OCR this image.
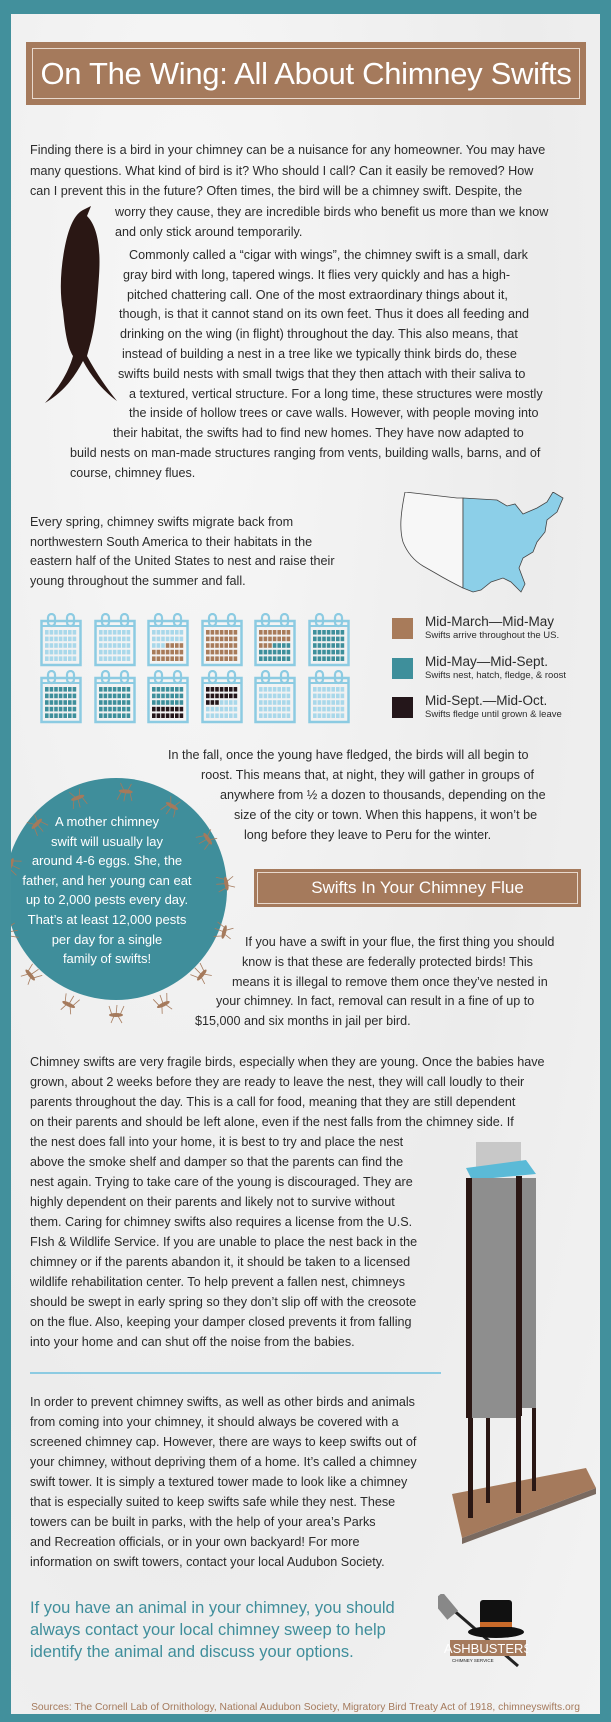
On The Wing: All About Chimney Swifts
Finding there is a bird in your chimney can be a nuisance for any homeowner. You may have
many questions. What kind of bird is it? Who should I call? Can it easily be removed? How
can I prevent this in the future? Often times, the bird will be a chimney swift. Despite, the
worry they cause, they are incredible birds who benefit us more than we know
and only stick around temporarily.
Commonly called a “cigar with wings”, the chimney swift is a small, dark
gray bird with long, tapered wings. It flies very quickly and has a high-
pitched chattering call. One of the most extraordinary things about it,
though, is that it cannot stand on its own feet. Thus it does all feeding and
drinking on the wing (in flight) throughout the day. This also means, that
instead of building a nest in a tree like we typically think birds do, these
swifts build nests with small twigs that they then attach with their saliva to
a textured, vertical structure. For a long time, these structures were mostly
the inside of hollow trees or cave walls. However, with people moving into
their habitat, the swifts had to find new homes. They have now adapted to
build nests on man-made structures ranging from vents, building walls, barns, and of
course, chimney flues.
Every spring, chimney swifts migrate back from
northwestern South America to their habitats in the
eastern half of the United States to nest and raise their
young throughout the summer and fall.
Mid-March—Mid-May
Swifts arrive throughout the US.
Mid-May—Mid-Sept.
Swifts nest, hatch, fledge, & roost
Mid-Sept.—Mid-Oct.
Swifts fledge until grown & leave
In the fall, once the young have fledged, the birds will all begin to
roost. This means that, at night, they will gather in groups of
anywhere from ½ a dozen to thousands, depending on the
size of the city or town. When this happens, it won’t be
long before they leave to Peru for the winter.
A mother chimney
swift will usually lay
around 4-6 eggs. She, the
father, and her young can eat
up to 2,000 pests every day.
That’s at least 12,000 pests
per day for a single
family of swifts!
Swifts In Your Chimney Flue
If you have a swift in your flue, the first thing you should
know is that these are federally protected birds! This
means it is illegal to remove them once they’ve nested in
your chimney. In fact, removal can result in a fine of up to
$15,000 and six months in jail per bird.
Chimney swifts are very fragile birds, especially when they are young. Once the babies have
grown, about 2 weeks before they are ready to leave the nest, they will call loudly to their
parents throughout the day. This is a call for food, meaning that they are still dependent
on their parents and should be left alone, even if the nest falls from the chimney side. If
the nest does fall into your home, it is best to try and place the nest
above the smoke shelf and damper so that the parents can find the
nest again. Trying to take care of the young is discouraged. They are
highly dependent on their parents and likely not to survive without
them. Caring for chimney swifts also requires a license from the U.S.
FIsh & Wildlife Service. If you are unable to place the nest back in the
chimney or if the parents abandon it, it should be taken to a licensed
wildlife rehabilitation center. To help prevent a fallen nest, chimneys
should be swept in early spring so they don’t slip off with the creosote
on the flue. Also, keeping your damper closed prevents it from falling
into your home and can shut off the noise from the babies.
In order to prevent chimney swifts, as well as other birds and animals
from coming into your chimney, it should always be covered with a
screened chimney cap. However, there are ways to keep swifts out of
your chimney, without depriving them of a home. It’s called a chimney
swift tower. It is simply a textured tower made to look like a chimney
that is especially suited to keep swifts safe while they nest. These
towers can be built in parks, with the help of your area’s Parks
and Recreation officials, or in your own backyard! For more
information on swift towers, contact your local Audubon Society.
If you have an animal in your chimney, you should
always contact your local chimney sweep to help
identify the animal and discuss your options.	ASHBUSTERS
CHIMNEY SERVICE
Sources: The Cornell Lab of Ornithology, National Audubon Society, Migratory Bird Treaty Act of 1918, chimneyswifts.org
